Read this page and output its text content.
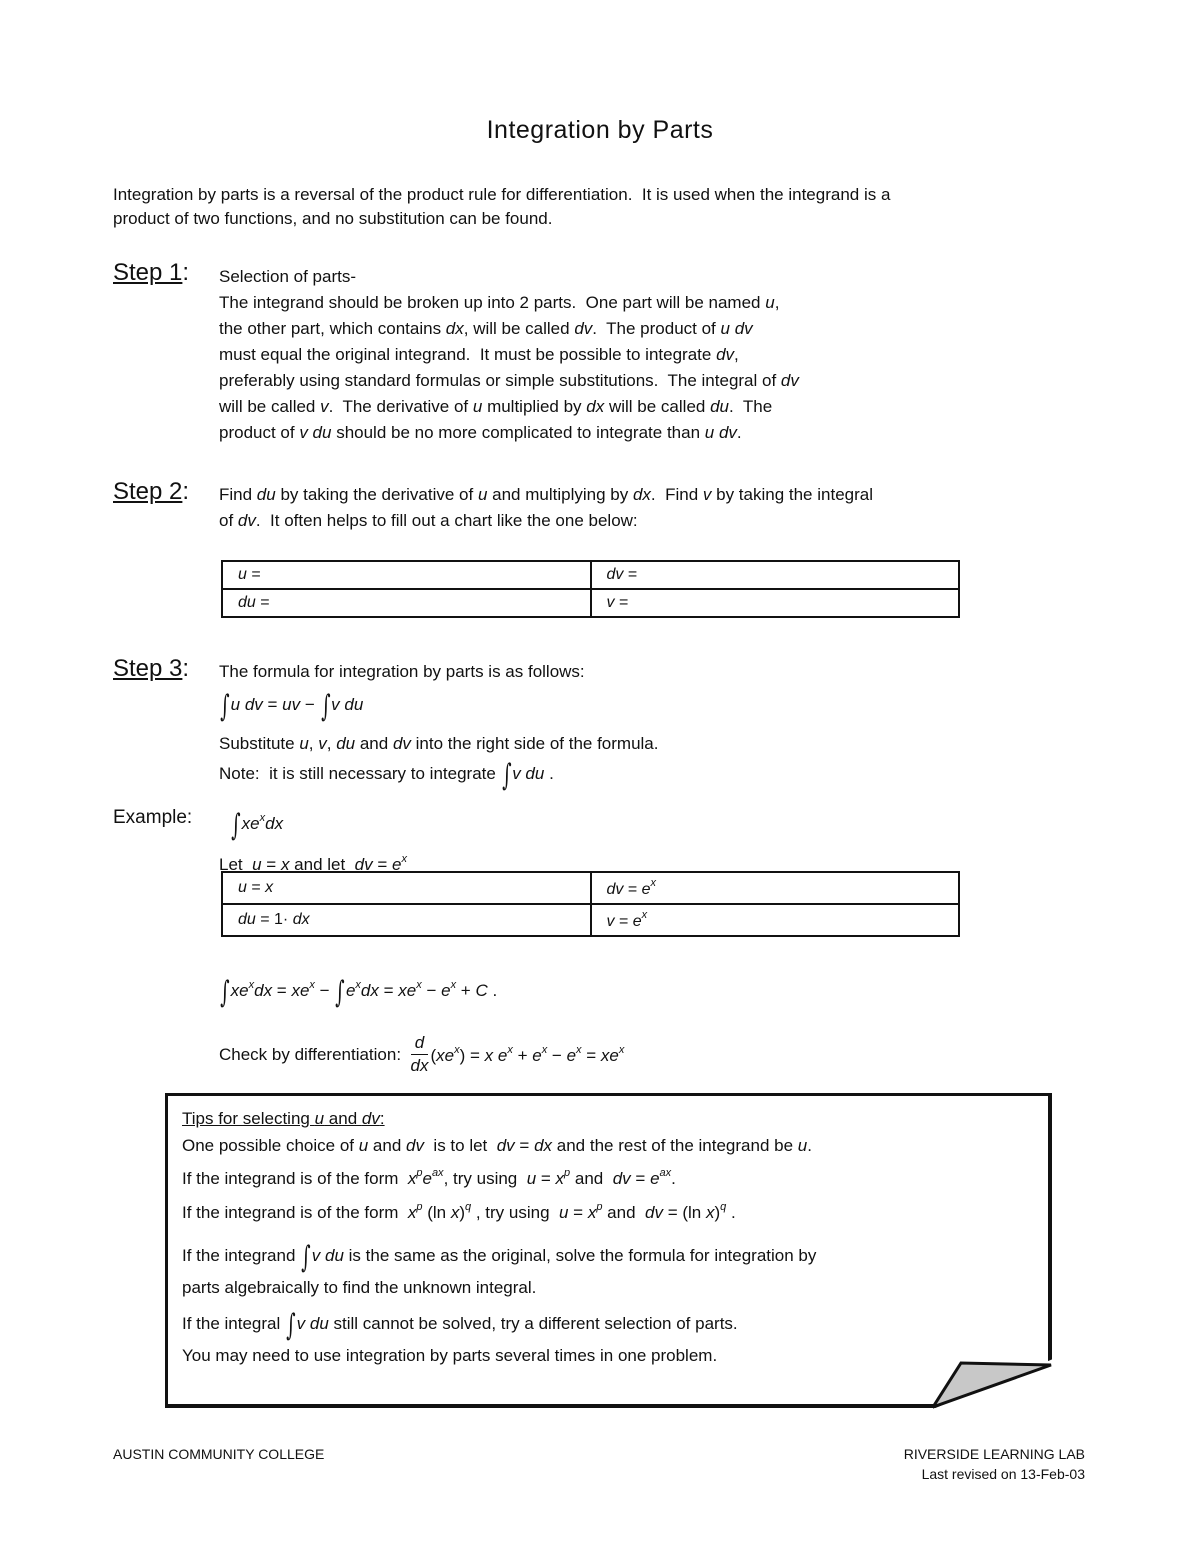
Integration by Parts
Integration by parts is a reversal of the product rule for differentiation.  It is used when the integrand is a
product of two functions, and no substitution can be found.
Step 1: Selection of parts-
The integrand should be broken up into 2 parts.  One part will be named u,
the other part, which contains dx, will be called dv.  The product of u dv
must equal the original integrand.  It must be possible to integrate dv,
preferably using standard formulas or simple substitutions.  The integral of dv
will be called v.  The derivative of u multiplied by dx will be called du.  The
product of v du should be no more complicated to integrate than u dv.
Step 2: Find du by taking the derivative of u and multiplying by dx.  Find v by taking the integral
of dv.  It often helps to fill out a chart like the one below:
u =	dv =
du =	v =
Step 3: The formula for integration by parts is as follows:
∫u dv = uv − ∫v du
Substitute u, v, du and dv into the right side of the formula.
Note:  it is still necessary to integrate ∫v du .
Example: $\int xe^xdx$
Let  u = x and let  dv = $e^x$
u = x	dv = $e^x$
du = 1· dx	$v = e^x$
$\int xe^xdx = xe^x - \int e^xdx = xe^x - e^x + C$ .
Check by differentiation: $\frac{d}{dx} (xe^x) = x$ $e^x + e^x - e^x = xe^x$
Tips for selecting u and dv:
One possible choice of u and dv  is to let  dv = dx and the rest of the integrand be u.
If the integrand is of the form  $x^pe^{ax}$, try using  $u = x^p$ and  dv = $e^{ax}$.
If the integrand is of the form  $x^p$ (ln x)$^q$ , try using  $u = x^p$ and  dv = (ln x)$^q$ .
If the integrand ∫v du is the same as the original, solve the formula for integration by
parts algebraically to find the unknown integral.
If the integral ∫v du still cannot be solved, try a different selection of parts.
You may need to use integration by parts several times in one problem.
AUSTIN COMMUNITY COLLEGE	RIVERSIDE LEARNING LAB
Last revised on 13-Feb-03
